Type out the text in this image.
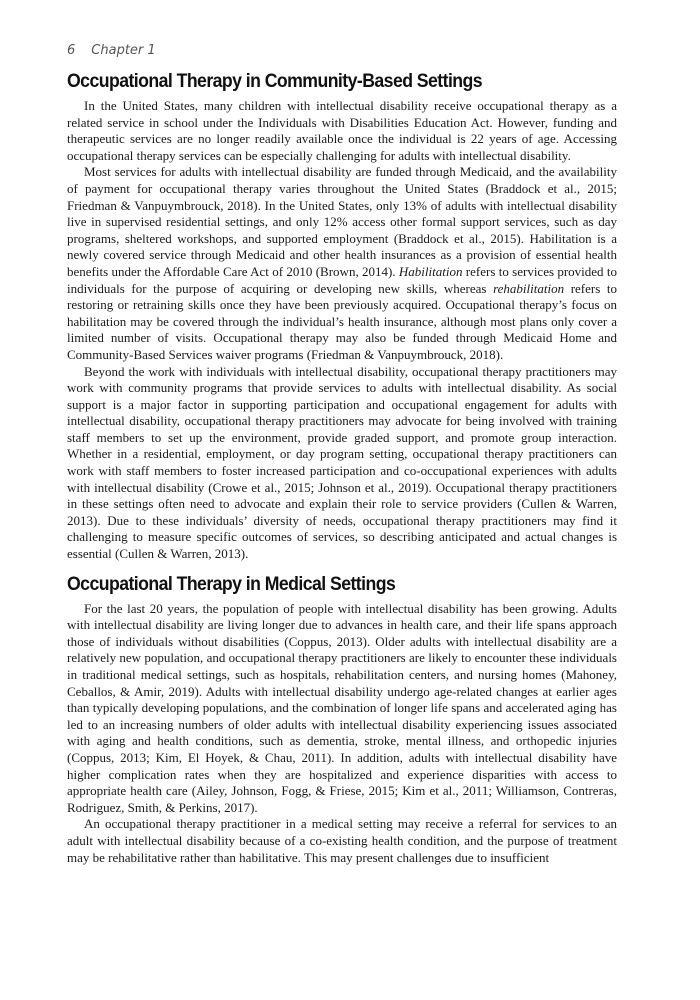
6 Chapter 1
Occupational Therapy in Community-Based Settings

In the United States, many children with intellectual disability receive occupational therapy as a related service in school under the Individuals with Disabilities Education Act. However, funding and therapeutic services are no longer readily available once the individual is 22 years of age. Accessing occupational therapy services can be especially challenging for adults with intellectual disability.

Most services for adults with intellectual disability are funded through Medicaid, and the availability of payment for occupational therapy varies throughout the United States (Braddock et al., 2015; Friedman & Vanpuymbrouck, 2018). In the United States, only 13% of adults with intellectual disability live in supervised residential settings, and only 12% access other formal support services, such as day programs, sheltered workshops, and supported employment (Braddock et al., 2015). Habilitation is a newly covered service through Medicaid and other health insurances as a provision of essential health benefits under the Affordable Care Act of 2010 (Brown, 2014). Habilitation refers to services provided to individuals for the purpose of acquiring or developing new skills, whereas rehabilitation refers to restoring or retraining skills once they have been previously acquired. Occupational therapy’s focus on habilitation may be covered through the individual’s health insurance, although most plans only cover a limited number of visits. Occupational therapy may also be funded through Medicaid Home and Community-Based Services waiver programs (Friedman & Vanpuymbrouck, 2018).

Beyond the work with individuals with intellectual disability, occupational therapy practitioners may work with community programs that provide services to adults with intellectual disability. As social support is a major factor in supporting participation and occupational engagement for adults with intellectual disability, occupational therapy practitioners may advocate for being involved with training staff members to set up the environment, provide graded support, and promote group interaction. Whether in a residential, employment, or day program setting, occupational therapy practitioners can work with staff members to foster increased participation and co-occupational experiences with adults with intellectual disability (Crowe et al., 2015; Johnson et al., 2019). Occupational therapy practitioners in these settings often need to advocate and explain their role to service providers (Cullen & Warren, 2013). Due to these individuals’ diversity of needs, occupational therapy practitioners may find it challenging to measure specific outcomes of services, so describing anticipated and actual changes is essential (Cullen & Warren, 2013).

Occupational Therapy in Medical Settings

For the last 20 years, the population of people with intellectual disability has been growing. Adults with intellectual disability are living longer due to advances in health care, and their life spans approach those of individuals without disabilities (Coppus, 2013). Older adults with intellectual disability are a relatively new population, and occupational therapy practitioners are likely to encounter these individuals in traditional medical settings, such as hospitals, rehabilitation centers, and nursing homes (Mahoney, Ceballos, & Amir, 2019). Adults with intellectual disability undergo age-related changes at earlier ages than typically developing populations, and the combination of longer life spans and accelerated aging has led to an increasing numbers of older adults with intellectual disability experiencing issues associated with aging and health conditions, such as dementia, stroke, mental illness, and orthopedic injuries (Coppus, 2013; Kim, El Hoyek, & Chau, 2011). In addition, adults with intellectual disability have higher complication rates when they are hospitalized and experience disparities with access to appropriate health care (Ailey, Johnson, Fogg, & Friese, 2015; Kim et al., 2011; Williamson, Contreras, Rodriguez, Smith, & Perkins, 2017).

An occupational therapy practitioner in a medical setting may receive a referral for services to an adult with intellectual disability because of a co-existing health condition, and the purpose of treatment may be rehabilitative rather than habilitative. This may present challenges due to insufficient
